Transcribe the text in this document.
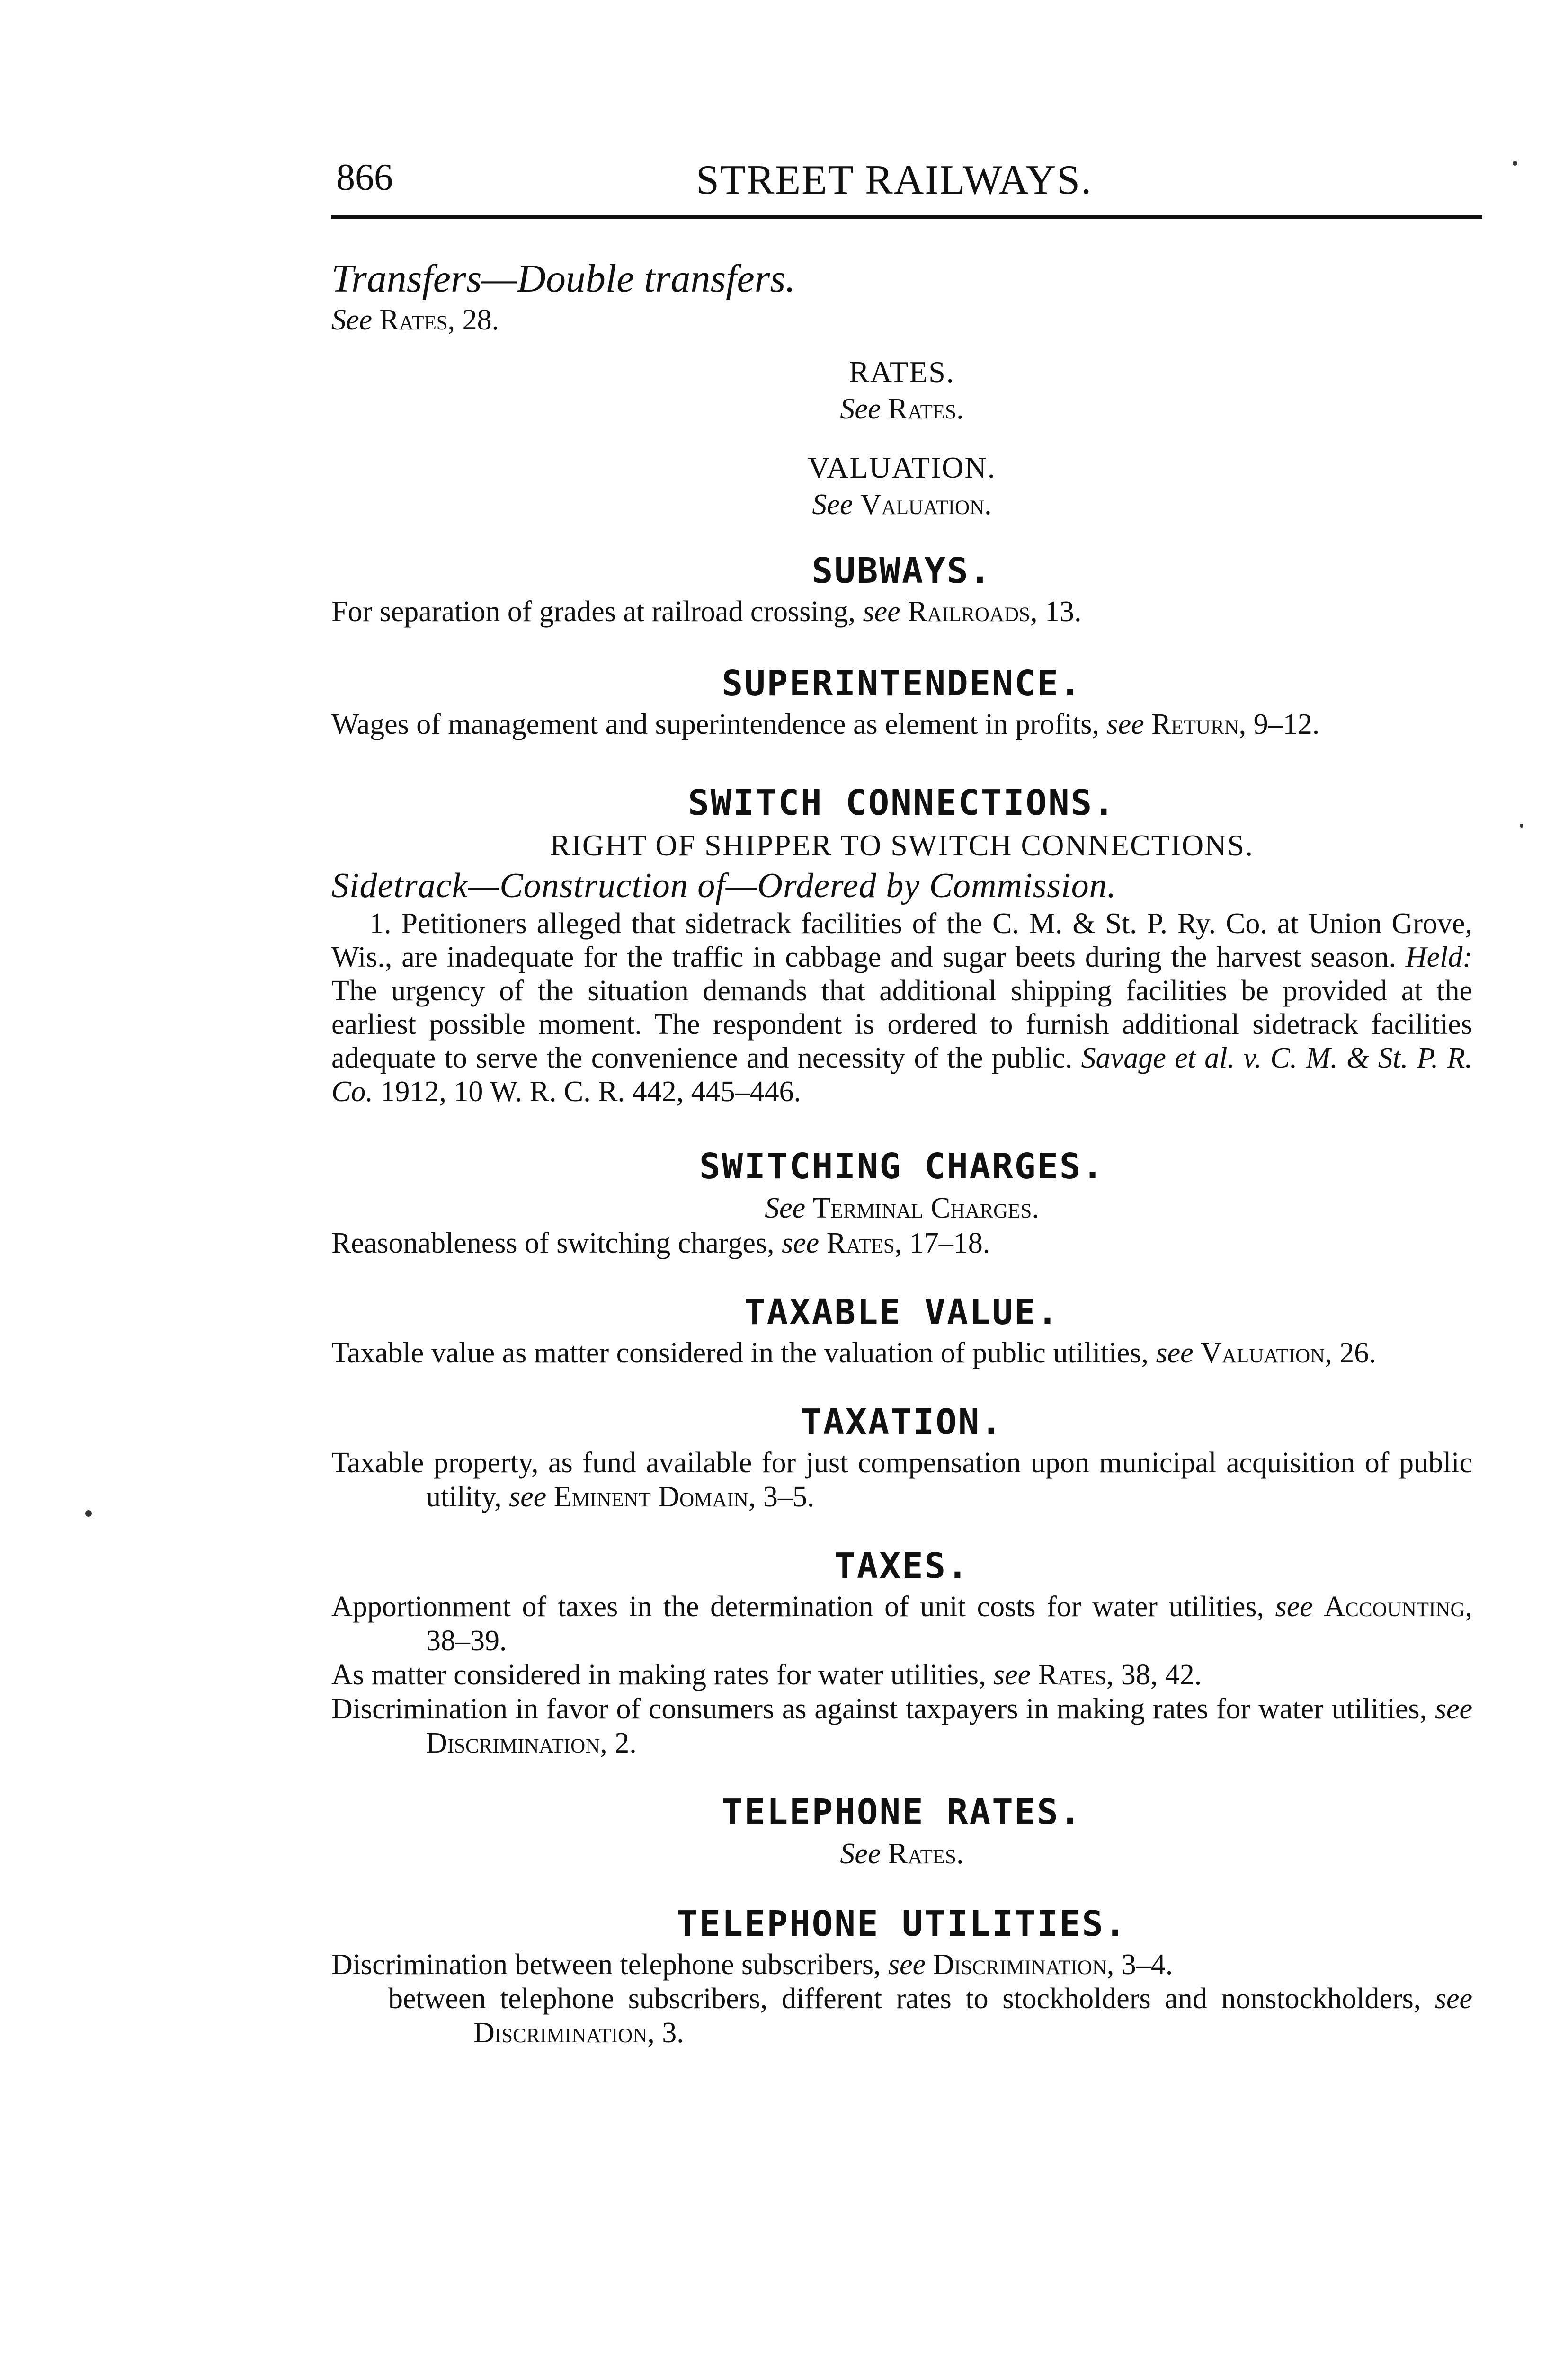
866	STREET RAILWAYS.
Transfers—Double transfers.
See Rates, 28.
RATES.
See Rates.
VALUATION.
See Valuation.
SUBWAYS.
For separation of grades at railroad crossing, see Railroads, 13.
SUPERINTENDENCE.
Wages of management and superintendence as element in profits, see Return, 9–12.
SWITCH CONNECTIONS.
RIGHT OF SHIPPER TO SWITCH CONNECTIONS.
Sidetrack—Construction of—Ordered by Commission.
1. Petitioners alleged that sidetrack facilities of the C. M. & St. P. Ry. Co. at Union Grove, Wis., are inadequate for the traffic in cabbage and sugar beets during the harvest season. Held: The urgency of the situation demands that additional shipping facilities be provided at the earliest possible moment. The respondent is ordered to furnish additional sidetrack facilities adequate to serve the convenience and necessity of the public. Savage et al. v. C. M. & St. P. R. Co. 1912, 10 W. R. C. R. 442, 445–446.
SWITCHING CHARGES.
See Terminal Charges.
Reasonableness of switching charges, see Rates, 17–18.
TAXABLE VALUE.
Taxable value as matter considered in the valuation of public utilities, see Valuation, 26.
TAXATION.
Taxable property, as fund available for just compensation upon municipal acquisition of public utility, see Eminent Domain, 3–5.
TAXES.
Apportionment of taxes in the determination of unit costs for water utilities, see Accounting, 38–39.
As matter considered in making rates for water utilities, see Rates, 38, 42.
Discrimination in favor of consumers as against taxpayers in making rates for water utilities, see Discrimination, 2.
TELEPHONE RATES.
See Rates.
TELEPHONE UTILITIES.
Discrimination between telephone subscribers, see Discrimination, 3–4.
between telephone subscribers, different rates to stockholders and nonstockholders, see Discrimination, 3.
